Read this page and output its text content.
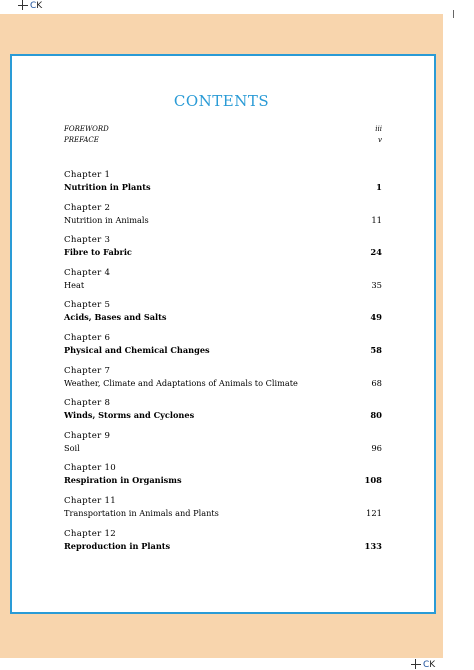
CK
CONTENTS
FOREWORD	iii
PREFACE	v
Chapter 1
Nutrition in Plants	1
Chapter 2
Nutrition in Animals	11
Chapter 3
Fibre to Fabric	24
Chapter 4
Heat	35
Chapter 5
Acids, Bases and Salts	49
Chapter 6
Physical and Chemical Changes	58
Chapter 7
Weather, Climate and Adaptations of Animals to Climate	68
Chapter 8
Winds, Storms and Cyclones	80
Chapter 9
Soil	96
Chapter 10
Respiration in Organisms	108
Chapter 11
Transportation in Animals and Plants	121
Chapter 12
Reproduction in Plants	133
CK
